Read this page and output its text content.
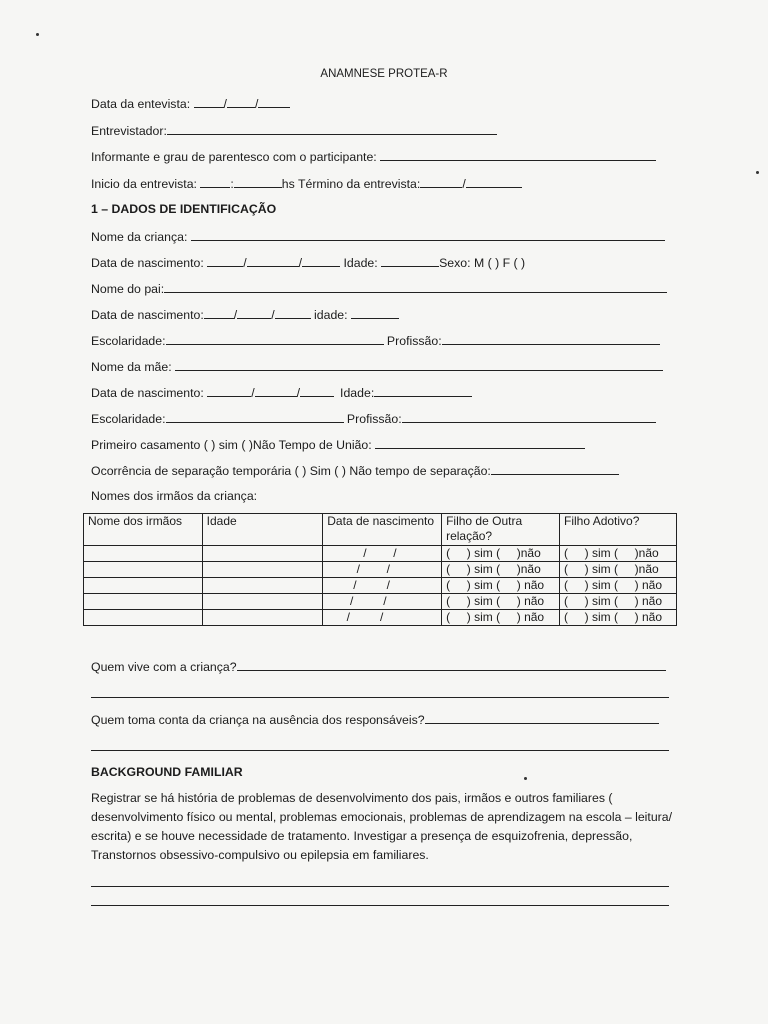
ANAMNESE PROTEA-R
Data da entevista: / /
Entrevistador:
Informante e grau de parentesco com o participante:
Inicio da entrevista: :	hs Término da entrevista:	/
1 – DADOS DE IDENTIFICAÇÃO
Nome da criança:
Data de nascimento:	/	/	Idade:	Sexo: M ( ) F ( )
Nome do pai:
Data de nascimento: /	/	idade:
Escolaridade:	Profissão:
Nome da mãe:
Data de nascimento:	/	/	Idade:
Escolaridade:	Profissão:
Primeiro casamento ( ) sim ( )Não Tempo de União:
Ocorrência de separação temporária ( ) Sim ( ) Não tempo de separação:
Nomes dos irmãos da criança:
Nome dos irmãos	Idade	Data de nascimento	Filho de Outra relação?	Filho Adotivo?
		/        /	(     ) sim (     )não	(     ) sim (     )não
		/        /	(     ) sim (     )não	(     ) sim (     )não
		/         /	(     ) sim (     ) não	(     ) sim (     ) não
		/         /	(     ) sim (     ) não	(     ) sim (     ) não
		/         /	(     ) sim (     ) não	(     ) sim (     ) não
Quem vive com a criança?
Quem toma conta da criança na ausência dos responsáveis?
BACKGROUND FAMILIAR
Registrar se há história de problemas de desenvolvimento dos pais, irmãos e outros familiares ( desenvolvimento físico ou mental, problemas emocionais, problemas de aprendizagem na escola – leitura/ escrita) e se houve necessidade de tratamento. Investigar a presença de esquizofrenia, depressão, Transtornos obsessivo-compulsivo ou epilepsia em familiares.
